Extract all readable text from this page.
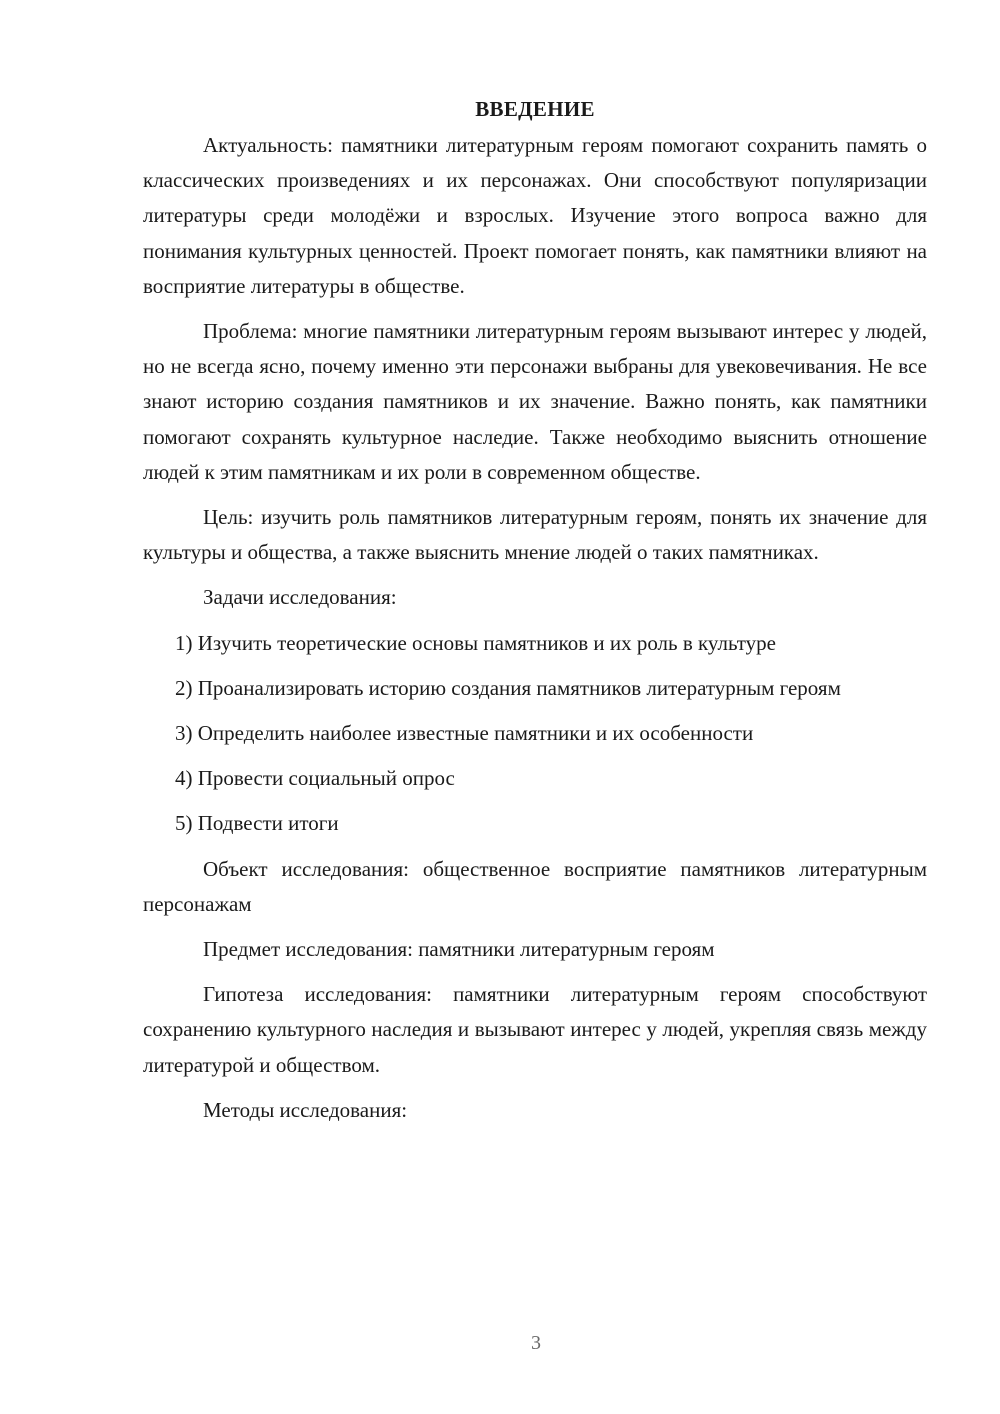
ВВЕДЕНИЕ

Актуальность: памятники литературным героям помогают сохранить память о классических произведениях и их персонажах. Они способствуют популяризации литературы среди молодёжи и взрослых. Изучение этого вопроса важно для понимания культурных ценностей. Проект помогает понять, как памятники влияют на восприятие литературы в обществе.

Проблема: многие памятники литературным героям вызывают интерес у людей, но не всегда ясно, почему именно эти персонажи выбраны для увековечивания. Не все знают историю создания памятников и их значение. Важно понять, как памятники помогают сохранять культурное наследие. Также необходимо выяснить отношение людей к этим памятникам и их роли в современном обществе.

Цель: изучить роль памятников литературным героям, понять их значение для культуры и общества, а также выяснить мнение людей о таких памятниках.

Задачи исследования:

1) Изучить теоретические основы памятников и их роль в культуре

2) Проанализировать историю создания памятников литературным героям

3) Определить наиболее известные памятники и их особенности

4) Провести социальный опрос

5) Подвести итоги

Объект исследования: общественное восприятие памятников литературным персонажам

Предмет исследования: памятники литературным героям

Гипотеза исследования: памятники литературным героям способствуют сохранению культурного наследия и вызывают интерес у людей, укрепляя связь между литературой и обществом.

Методы исследования:

3
